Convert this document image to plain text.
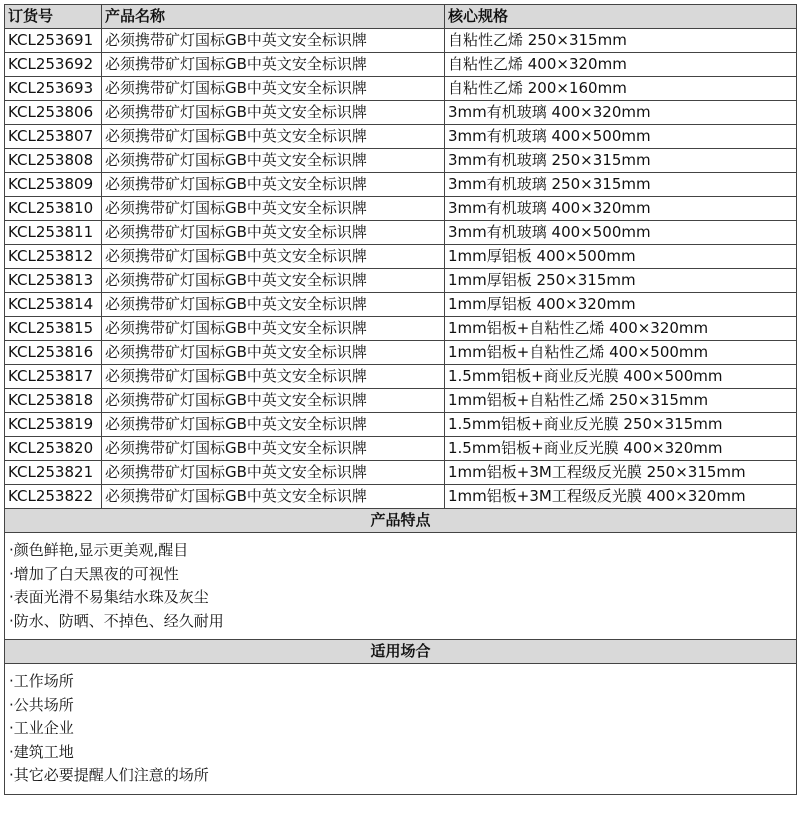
订货号	产品名称	核心规格
KCL253691	必须携带矿灯国标GB中英文安全标识牌	自粘性乙烯 250×315mm
KCL253692	必须携带矿灯国标GB中英文安全标识牌	自粘性乙烯 400×320mm
KCL253693	必须携带矿灯国标GB中英文安全标识牌	自粘性乙烯 200×160mm
KCL253806	必须携带矿灯国标GB中英文安全标识牌	3mm有机玻璃 400×320mm
KCL253807	必须携带矿灯国标GB中英文安全标识牌	3mm有机玻璃 400×500mm
KCL253808	必须携带矿灯国标GB中英文安全标识牌	3mm有机玻璃 250×315mm
KCL253809	必须携带矿灯国标GB中英文安全标识牌	3mm有机玻璃 250×315mm
KCL253810	必须携带矿灯国标GB中英文安全标识牌	3mm有机玻璃 400×320mm
KCL253811	必须携带矿灯国标GB中英文安全标识牌	3mm有机玻璃 400×500mm
KCL253812	必须携带矿灯国标GB中英文安全标识牌	1mm厚铝板 400×500mm
KCL253813	必须携带矿灯国标GB中英文安全标识牌	1mm厚铝板 250×315mm
KCL253814	必须携带矿灯国标GB中英文安全标识牌	1mm厚铝板 400×320mm
KCL253815	必须携带矿灯国标GB中英文安全标识牌	1mm铝板+自粘性乙烯 400×320mm
KCL253816	必须携带矿灯国标GB中英文安全标识牌	1mm铝板+自粘性乙烯 400×500mm
KCL253817	必须携带矿灯国标GB中英文安全标识牌	1.5mm铝板+商业反光膜 400×500mm
KCL253818	必须携带矿灯国标GB中英文安全标识牌	1mm铝板+自粘性乙烯 250×315mm
KCL253819	必须携带矿灯国标GB中英文安全标识牌	1.5mm铝板+商业反光膜 250×315mm
KCL253820	必须携带矿灯国标GB中英文安全标识牌	1.5mm铝板+商业反光膜 400×320mm
KCL253821	必须携带矿灯国标GB中英文安全标识牌	1mm铝板+3M工程级反光膜 250×315mm
KCL253822	必须携带矿灯国标GB中英文安全标识牌	1mm铝板+3M工程级反光膜 400×320mm
产品特点		

·颜色鲜艳,显示更美观,醒目
·增加了白天黑夜的可视性
·表面光滑不易集结水珠及灰尘
·防水、防晒、不掉色、经久耐用		

适用场合		

·工作场所
·公共场所
·工业企业
·建筑工地
·其它必要提醒人们注意的场所		
